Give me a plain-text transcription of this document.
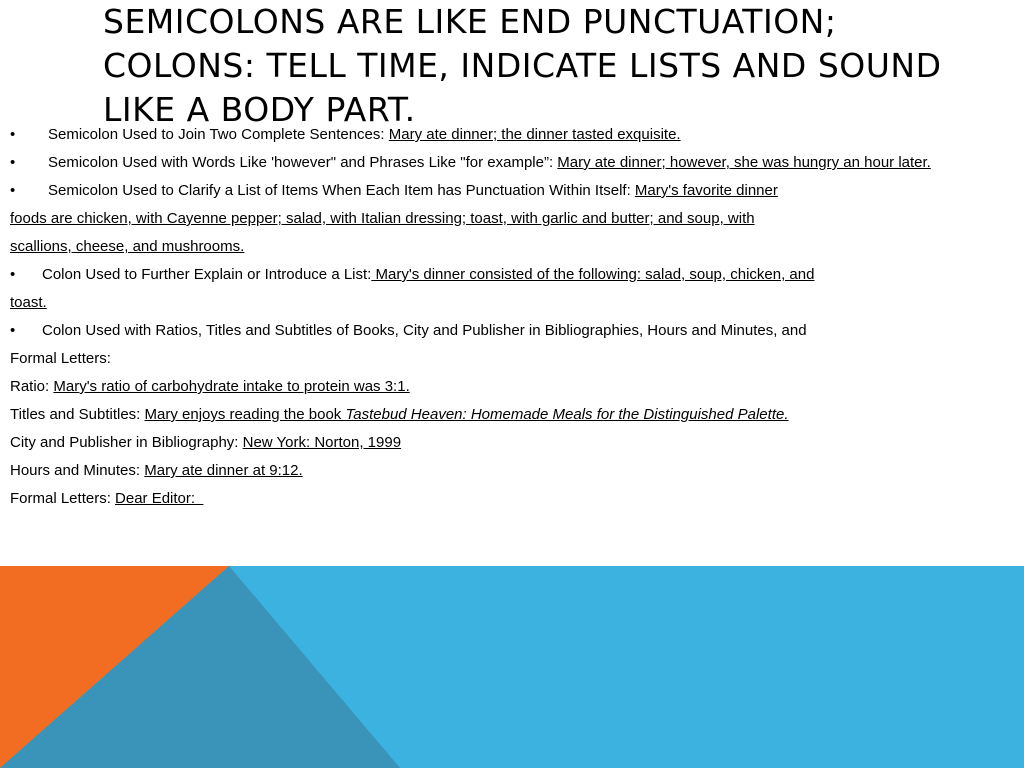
SEMICOLONS ARE LIKE END PUNCTUATION;
COLONS: TELL TIME, INDICATE LISTS AND SOUND
LIKE A BODY PART.
• Semicolon Used to Join Two Complete Sentences: Mary ate dinner; the dinner tasted exquisite.
• Semicolon Used with Words Like 'however" and Phrases Like "for example”: Mary ate dinner; however, she was hungry an hour later.
• Semicolon Used to Clarify a List of Items When Each Item has Punctuation Within Itself: Mary's favorite dinner
foods are chicken, with Cayenne pepper; salad, with Italian dressing; toast, with garlic and butter; and soup, with
scallions, cheese, and mushrooms.
• Colon Used to Further Explain or Introduce a List: Mary's dinner consisted of the following: salad, soup, chicken, and
toast.
• Colon Used with Ratios, Titles and Subtitles of Books, City and Publisher in Bibliographies, Hours and Minutes, and
Formal Letters:
Ratio: Mary's ratio of carbohydrate intake to protein was 3:1.
Titles and Subtitles: Mary enjoys reading the book Tastebud Heaven: Homemade Meals for the Distinguished Palette.
City and Publisher in Bibliography: New York: Norton, 1999
Hours and Minutes: Mary ate dinner at 9:12.
Formal Letters: Dear Editor:
